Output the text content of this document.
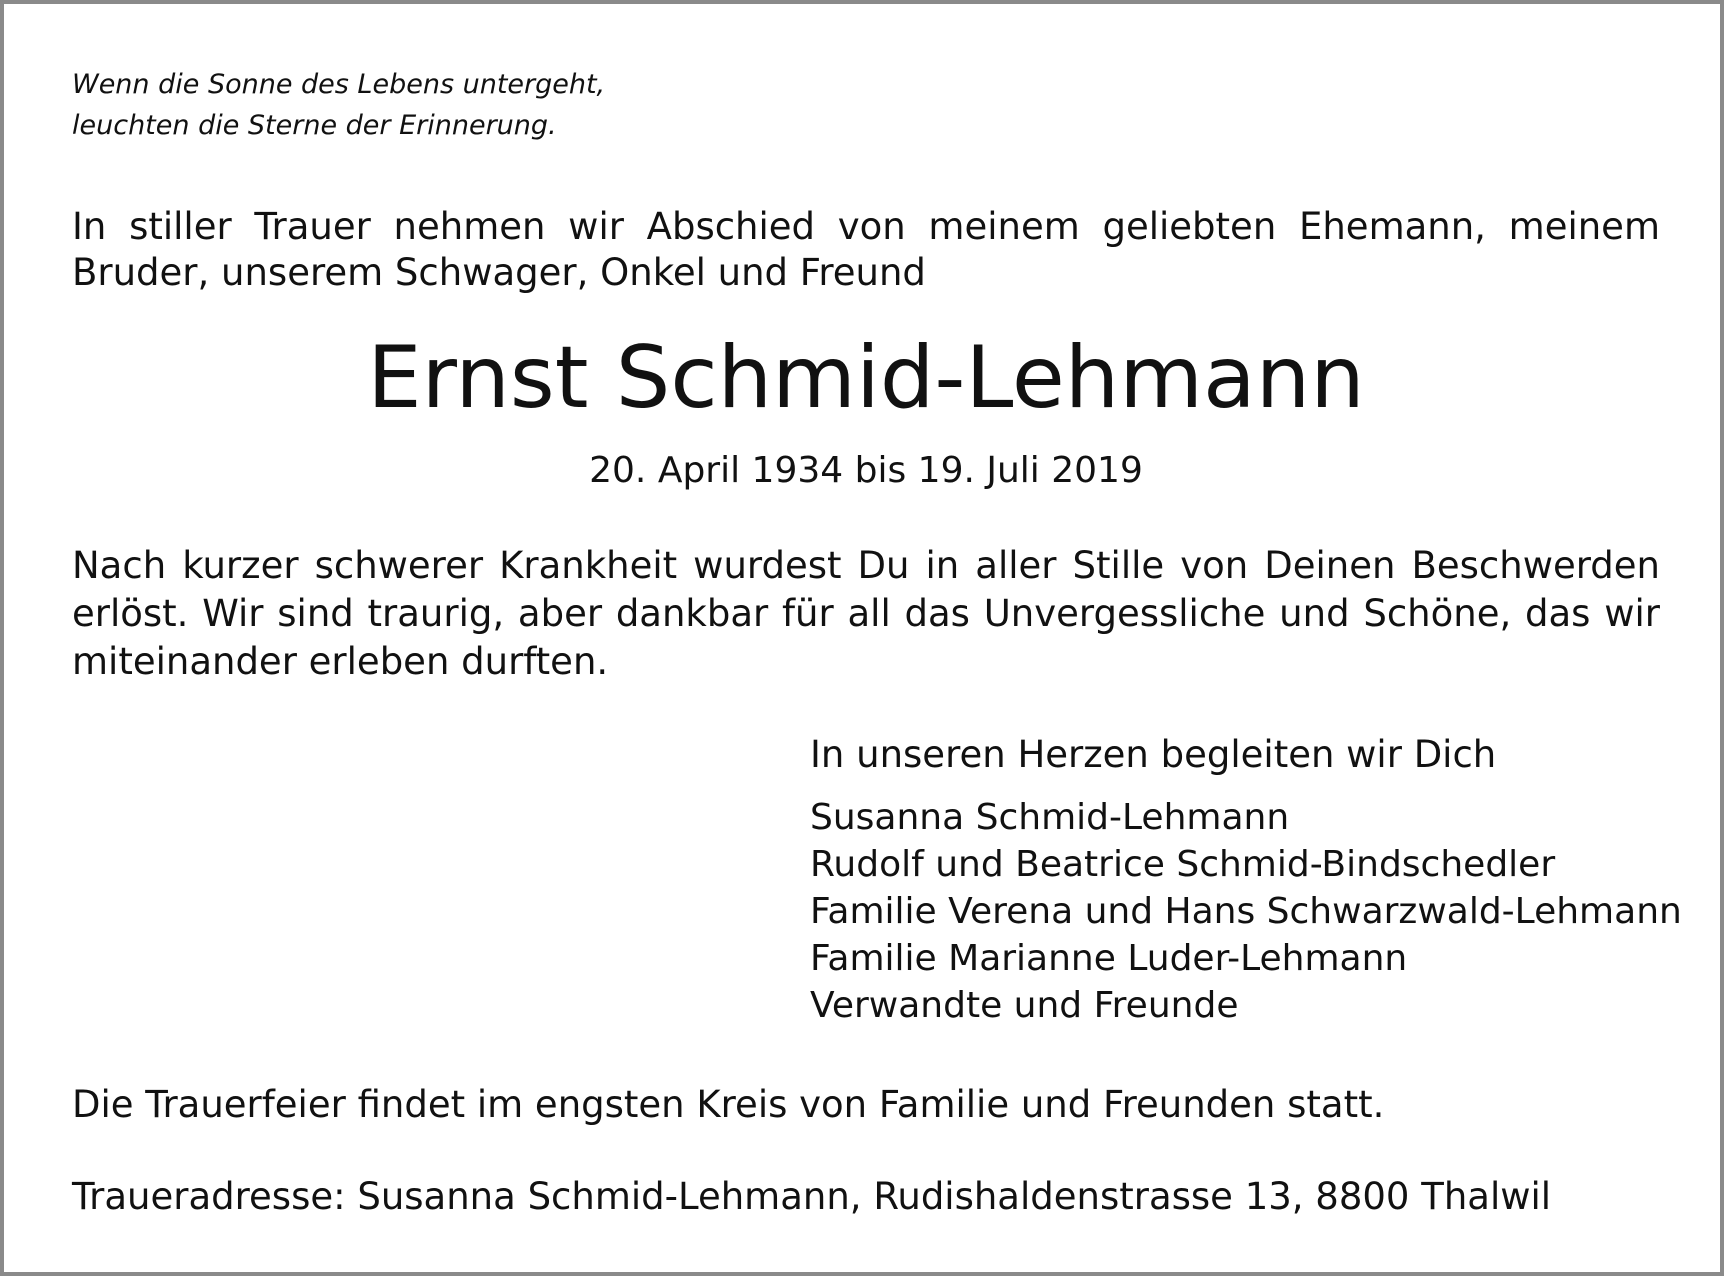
Wenn die Sonne des Lebens untergeht,
leuchten die Sterne der Erinnerung.
In stiller Trauer nehmen wir Abschied von meinem geliebten Ehemann, meinem Bruder, unserem Schwager, Onkel und Freund
Ernst Schmid-Lehmann
20. April 1934 bis 19. Juli 2019
Nach kurzer schwerer Krankheit wurdest Du in aller Stille von Deinen Beschwerden erlöst. Wir sind traurig, aber dankbar für all das Unvergessliche und Schöne, das wir miteinander erleben durften.
In unseren Herzen begleiten wir Dich
Susanna Schmid-Lehmann
Rudolf und Beatrice Schmid-Bindschedler
Familie Verena und Hans Schwarzwald-Lehmann
Familie Marianne Luder-Lehmann
Verwandte und Freunde
Die Trauerfeier findet im engsten Kreis von Familie und Freunden statt.
Traueradresse: Susanna Schmid-Lehmann, Rudishaldenstrasse 13, 8800 Thalwil
